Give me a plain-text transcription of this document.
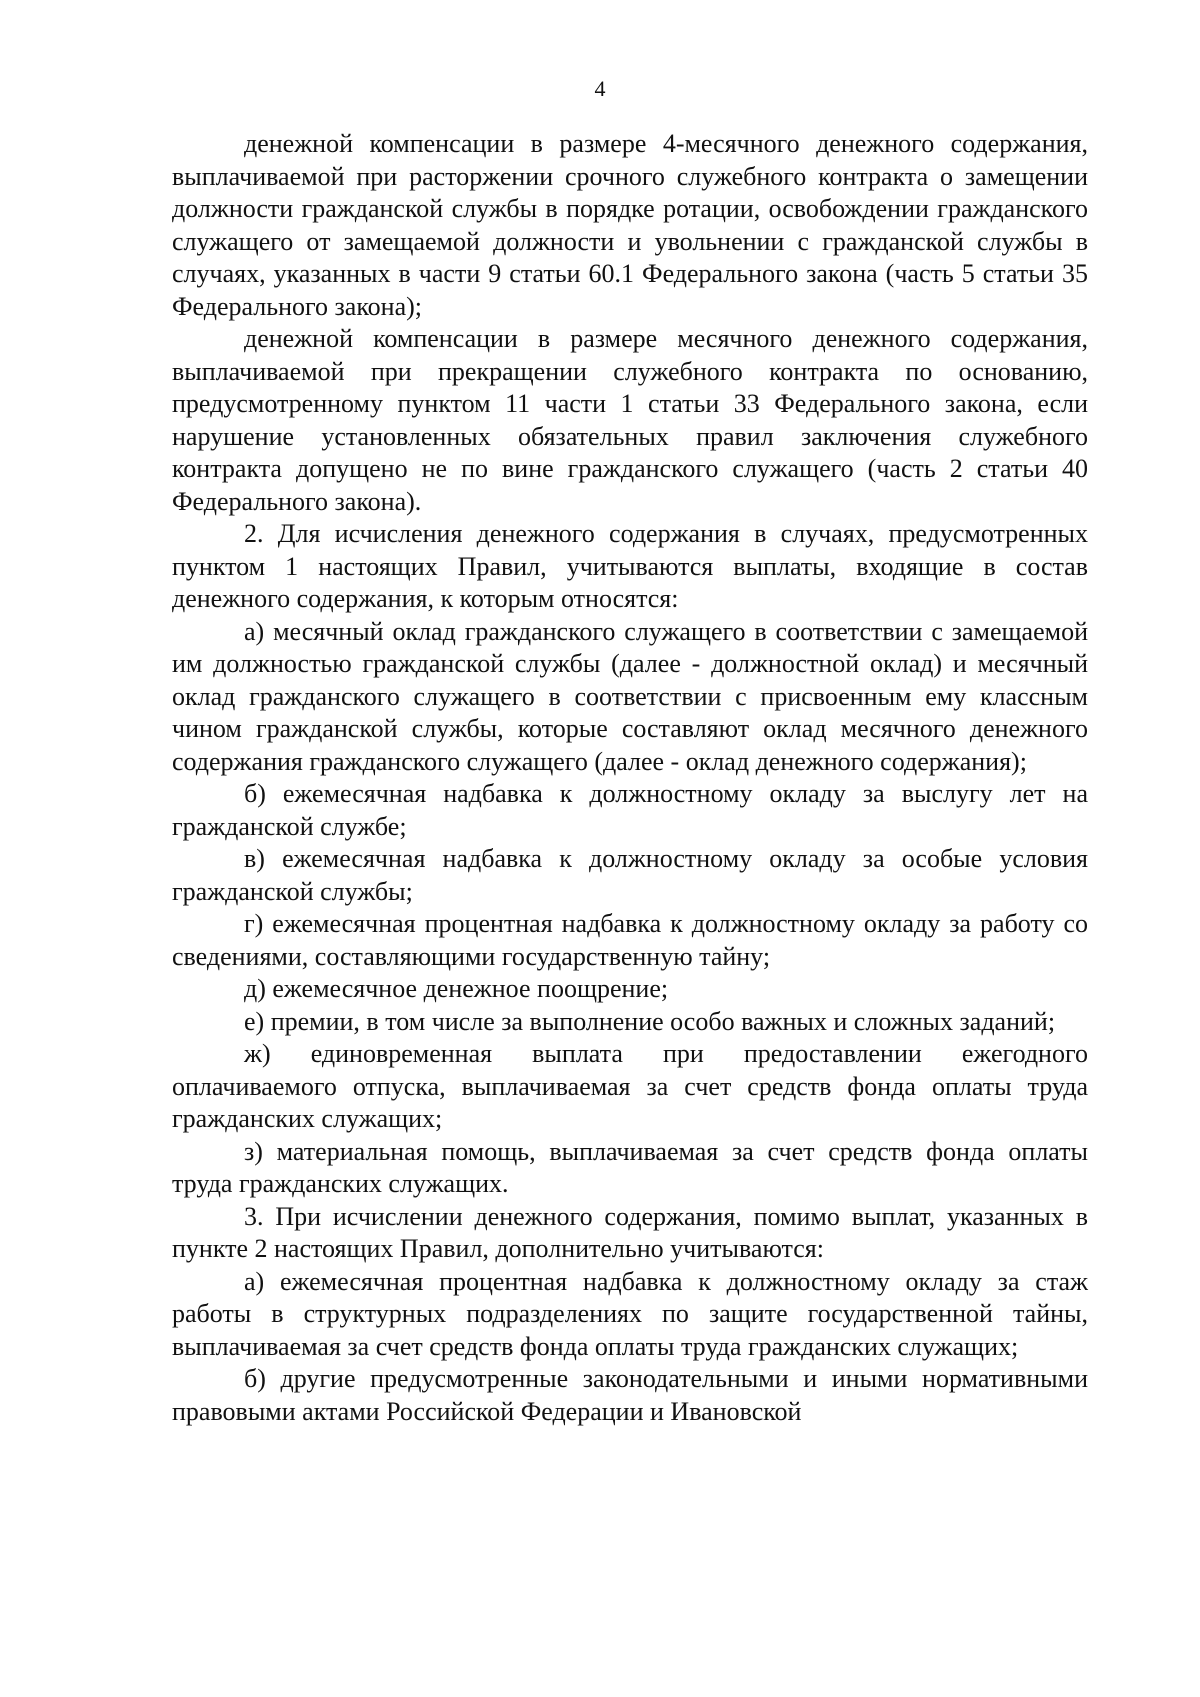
4

денежной компенсации в размере 4-месячного денежного содержания, выплачиваемой при расторжении срочного служебного контракта о замещении должности гражданской службы в порядке ротации, освобождении гражданского служащего от замещаемой должности и увольнении с гражданской службы в случаях, указанных в части 9 статьи 60.1 Федерального закона (часть 5 статьи 35 Федерального закона);

денежной компенсации в размере месячного денежного содержания, выплачиваемой при прекращении служебного контракта по основанию, предусмотренному пунктом 11 части 1 статьи 33 Федерального закона, если нарушение установленных обязательных правил заключения служебного контракта допущено не по вине гражданского служащего (часть 2 статьи 40 Федерального закона).

2. Для исчисления денежного содержания в случаях, предусмотренных пунктом 1 настоящих Правил, учитываются выплаты, входящие в состав денежного содержания, к которым относятся:

а) месячный оклад гражданского служащего в соответствии с замещаемой им должностью гражданской службы (далее - должностной оклад) и месячный оклад гражданского служащего в соответствии с присвоенным ему классным чином гражданской службы, которые составляют оклад месячного денежного содержания гражданского служащего (далее - оклад денежного содержания);

б) ежемесячная надбавка к должностному окладу за выслугу лет на гражданской службе;

в) ежемесячная надбавка к должностному окладу за особые условия гражданской службы;

г) ежемесячная процентная надбавка к должностному окладу за работу со сведениями, составляющими государственную тайну;

д) ежемесячное денежное поощрение;

е) премии, в том числе за выполнение особо важных и сложных заданий;

ж) единовременная выплата при предоставлении ежегодного оплачиваемого отпуска, выплачиваемая за счет средств фонда оплаты труда гражданских служащих;

з) материальная помощь, выплачиваемая за счет средств фонда оплаты труда гражданских служащих.

3. При исчислении денежного содержания, помимо выплат, указанных в пункте 2 настоящих Правил, дополнительно учитываются:

а) ежемесячная процентная надбавка к должностному окладу за стаж работы в структурных подразделениях по защите государственной тайны, выплачиваемая за счет средств фонда оплаты труда гражданских служащих;

б) другие предусмотренные законодательными и иными нормативными правовыми актами Российской Федерации и Ивановской
